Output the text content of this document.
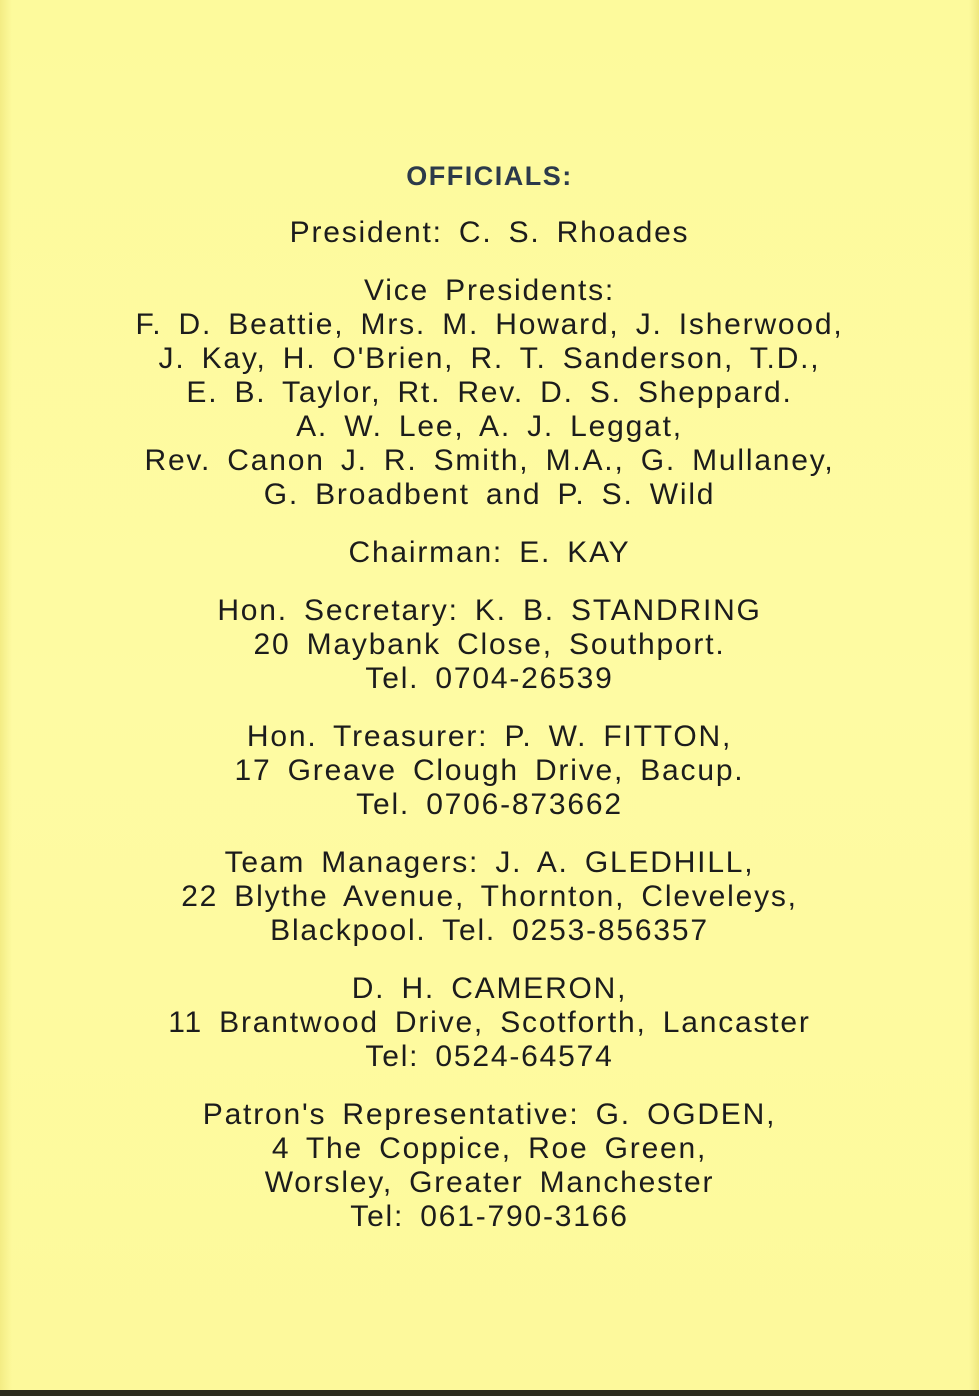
OFFICIALS:
President: C. S. Rhoades
Vice Presidents:
F. D. Beattie, Mrs. M. Howard, J. Isherwood,
J. Kay, H. O'Brien, R. T. Sanderson, T.D.,
E. B. Taylor, Rt. Rev. D. S. Sheppard.
A. W. Lee, A. J. Leggat,
Rev. Canon J. R. Smith, M.A., G. Mullaney,
G. Broadbent and P. S. Wild
Chairman: E. KAY
Hon. Secretary: K. B. STANDRING
20 Maybank Close, Southport.
Tel. 0704-26539
Hon. Treasurer: P. W. FITTON,
17 Greave Clough Drive, Bacup.
Tel. 0706-873662
Team Managers: J. A. GLEDHILL,
22 Blythe Avenue, Thornton, Cleveleys,
Blackpool. Tel. 0253-856357
D. H. CAMERON,
11 Brantwood Drive, Scotforth, Lancaster
Tel: 0524-64574
Patron's Representative: G. OGDEN,
4 The Coppice, Roe Green,
Worsley, Greater Manchester
Tel: 061-790-3166
